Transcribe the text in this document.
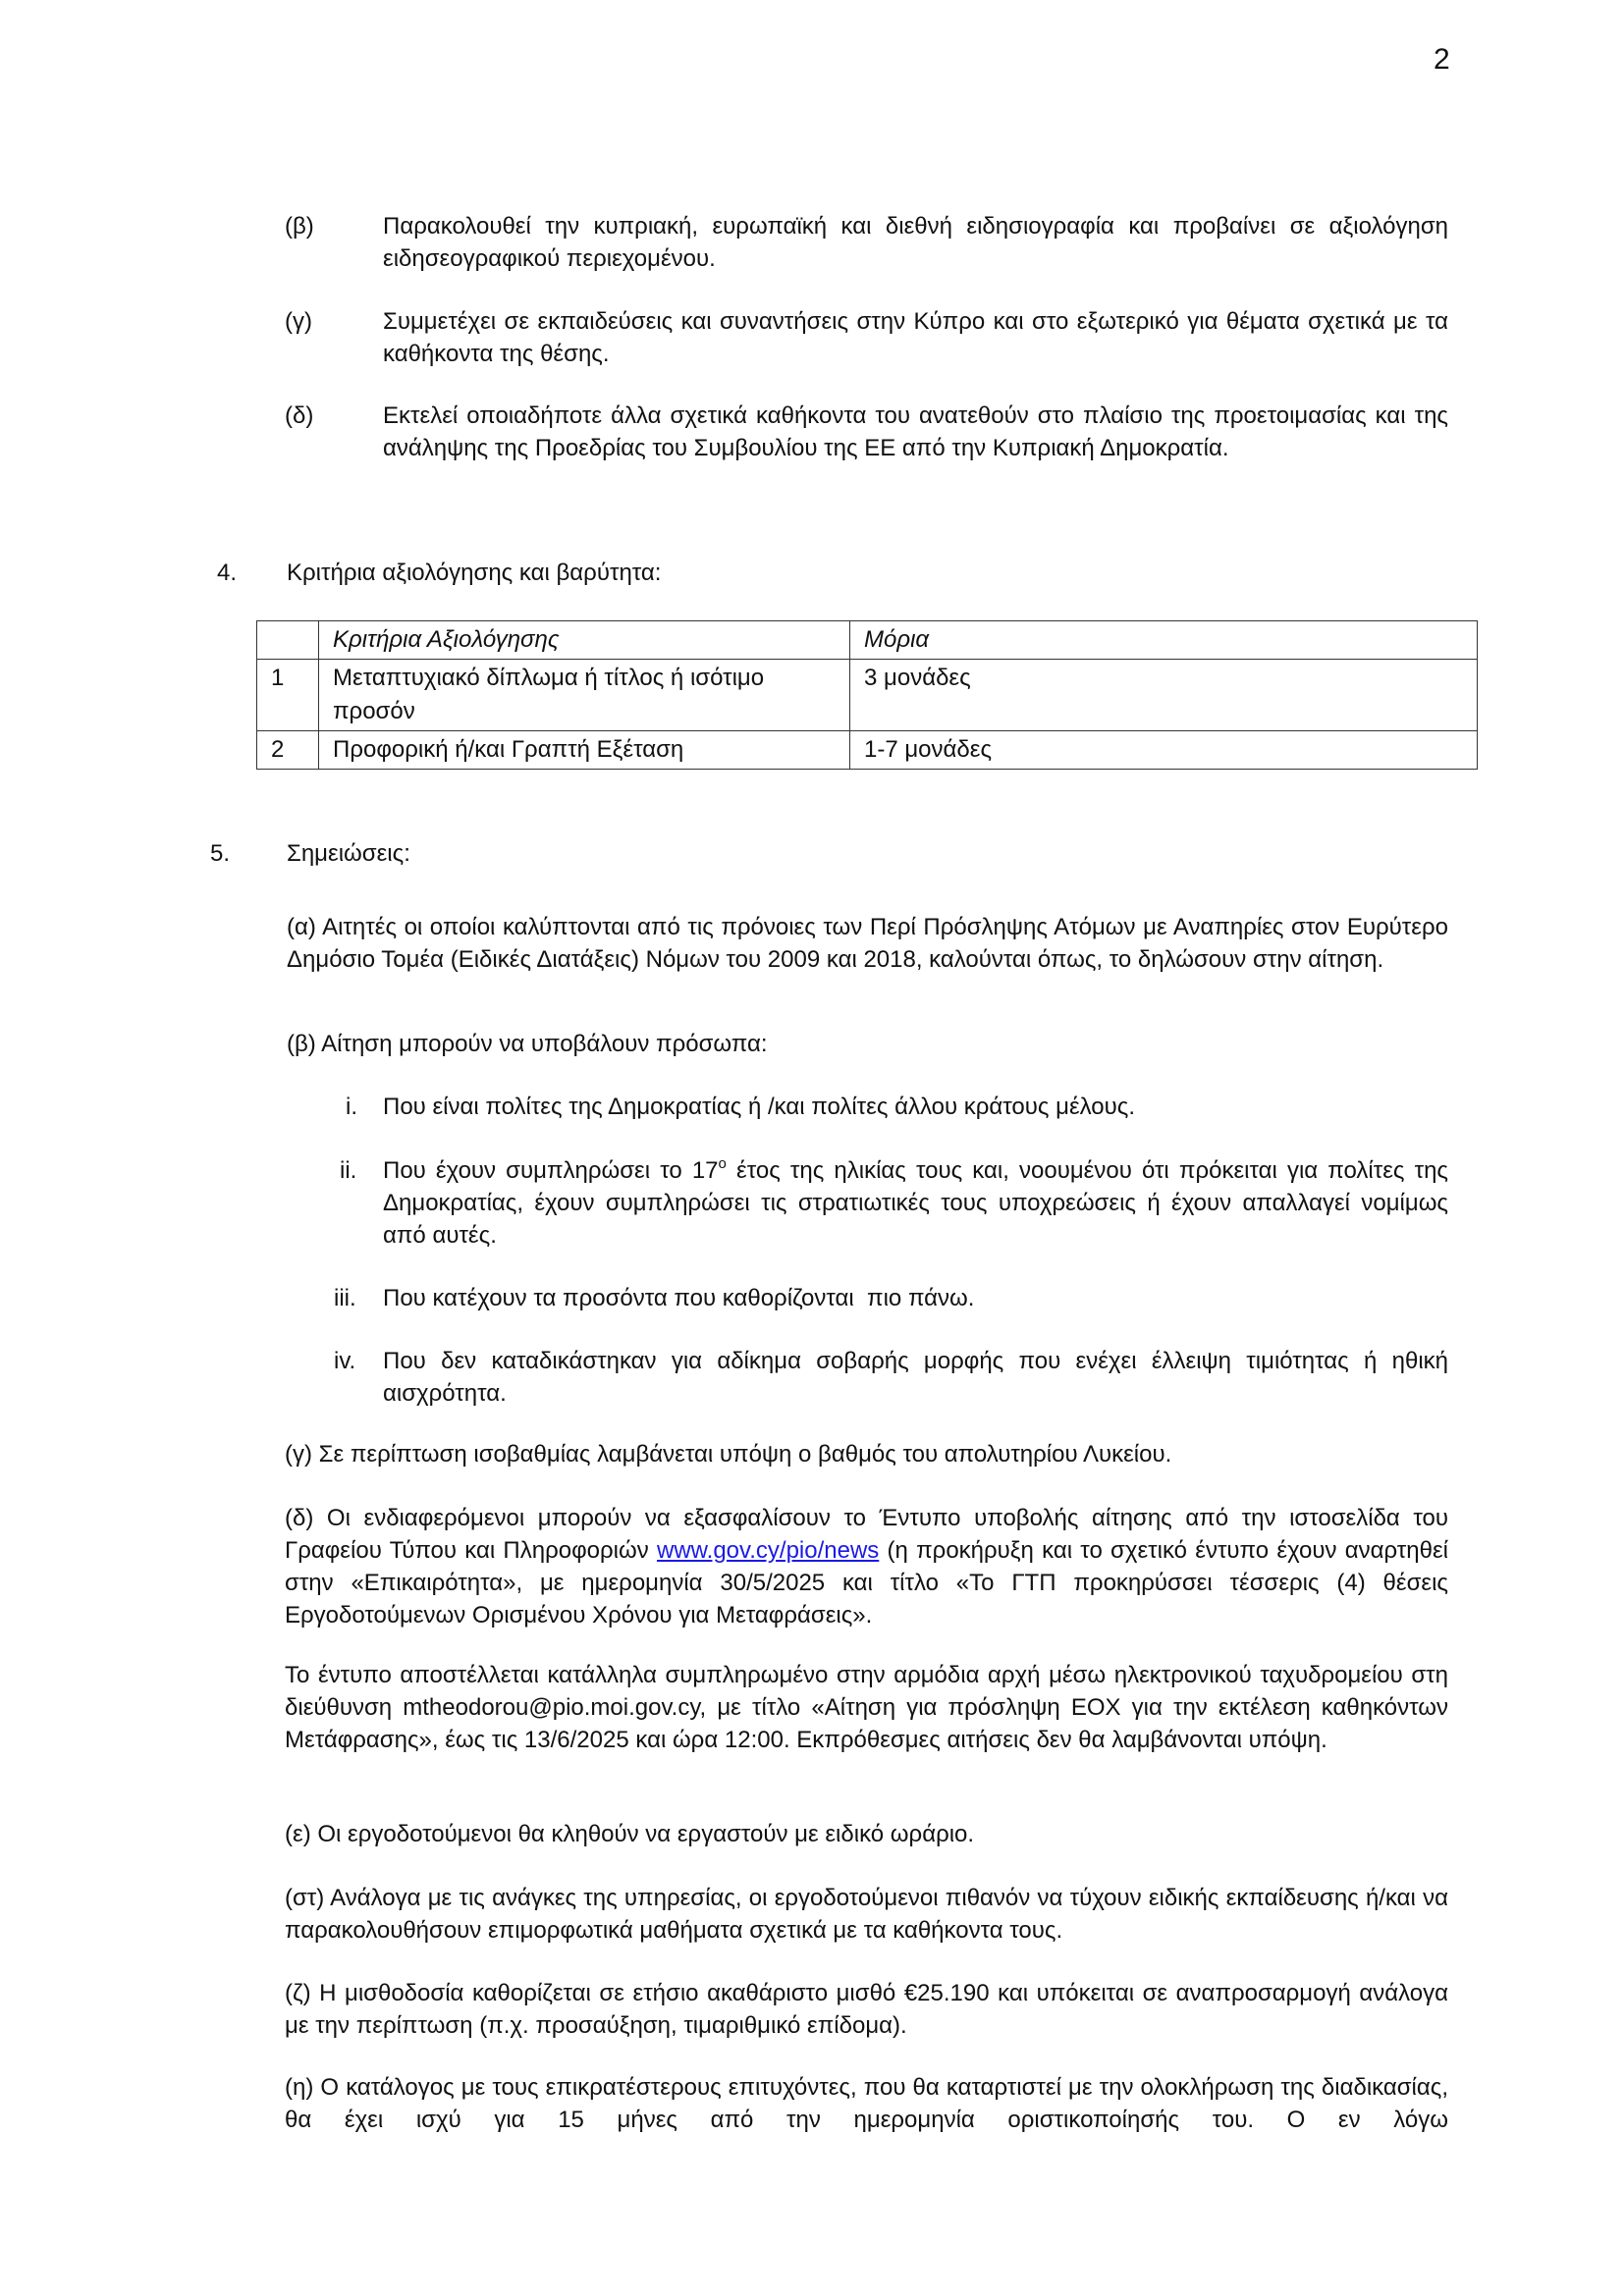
2
(β)	Παρακολουθεί την κυπριακή, ευρωπαϊκή και διεθνή ειδησιογραφία και προβαίνει σε αξιολόγηση ειδησεογραφικού περιεχομένου.
(γ)	Συμμετέχει σε εκπαιδεύσεις και συναντήσεις στην Κύπρο και στο εξωτερικό για θέματα σχετικά με τα καθήκοντα της θέσης.
(δ)	Εκτελεί οποιαδήποτε άλλα σχετικά καθήκοντα του ανατεθούν στο πλαίσιο της προετοιμασίας και της ανάληψης της Προεδρίας του Συμβουλίου της ΕΕ από την Κυπριακή Δημοκρατία.
4. Κριτήρια αξιολόγησης και βαρύτητα:
	Κριτήρια Αξιολόγησης	Μόρια
1	Μεταπτυχιακό δίπλωμα ή τίτλος ή ισότιμο προσόν	3 μονάδες
2	Προφορική ή/και Γραπτή Εξέταση	1-7 μονάδες
5. Σημειώσεις:
(α) Αιτητές οι οποίοι καλύπτονται από τις πρόνοιες των Περί Πρόσληψης Ατόμων με Αναπηρίες στον Ευρύτερο Δημόσιο Τομέα (Ειδικές Διατάξεις) Νόμων του 2009 και 2018, καλούνται όπως, το δηλώσουν στην αίτηση.
(β) Αίτηση μπορούν να υποβάλουν πρόσωπα:
i. Που είναι πολίτες της Δημοκρατίας ή /και πολίτες άλλου κράτους μέλους.
ii. Που έχουν συμπληρώσει το $17^o$ έτος της ηλικίας τους και, νοουμένου ότι πρόκειται για πολίτες της Δημοκρατίας, έχουν συμπληρώσει τις στρατιωτικές τους υποχρεώσεις ή έχουν απαλλαγεί νομίμως από αυτές.
iii. Που κατέχουν τα προσόντα που καθορίζονται  πιο πάνω.
iv. Που δεν καταδικάστηκαν για αδίκημα σοβαρής μορφής που ενέχει έλλειψη τιμιότητας ή ηθική αισχρότητα.
(γ) Σε περίπτωση ισοβαθμίας λαμβάνεται υπόψη ο βαθμός του απολυτηρίου Λυκείου.
(δ) Οι ενδιαφερόμενοι μπορούν να εξασφαλίσουν το Έντυπο υποβολής αίτησης από την ιστοσελίδα του Γραφείου Τύπου και Πληροφοριών www.gov.cy/pio/news (η προκήρυξη και το σχετικό έντυπο έχουν αναρτηθεί στην «Επικαιρότητα», με ημερομηνία 30/5/2025 και τίτλο «Το ΓΤΠ προκηρύσσει τέσσερις (4) θέσεις Εργοδοτούμενων Ορισμένου Χρόνου για Μεταφράσεις».
Το έντυπο αποστέλλεται κατάλληλα συμπληρωμένο στην αρμόδια αρχή μέσω ηλεκτρονικού ταχυδρομείου στη διεύθυνση mtheodorou@pio.moi.gov.cy, με τίτλο «Αίτηση για πρόσληψη ΕΟΧ για την εκτέλεση καθηκόντων Μετάφρασης», έως τις 13/6/2025 και ώρα 12:00. Εκπρόθεσμες αιτήσεις δεν θα λαμβάνονται υπόψη.
(ε) Οι εργοδοτούμενοι θα κληθούν να εργαστούν με ειδικό ωράριο.
(στ) Ανάλογα με τις ανάγκες της υπηρεσίας, οι εργοδοτούμενοι πιθανόν να τύχουν ειδικής εκπαίδευσης ή/και να παρακολουθήσουν επιμορφωτικά μαθήματα σχετικά με τα καθήκοντα τους.
(ζ) Η μισθοδοσία καθορίζεται σε ετήσιο ακαθάριστο μισθό €25.190 και υπόκειται σε αναπροσαρμογή ανάλογα με την περίπτωση (π.χ. προσαύξηση, τιμαριθμικό επίδομα).
(η) Ο κατάλογος με τους επικρατέστερους επιτυχόντες, που θα καταρτιστεί με την ολοκλήρωση της διαδικασίας, θα έχει ισχύ για 15 μήνες από την ημερομηνία οριστικοποίησής του. Ο εν λόγω
